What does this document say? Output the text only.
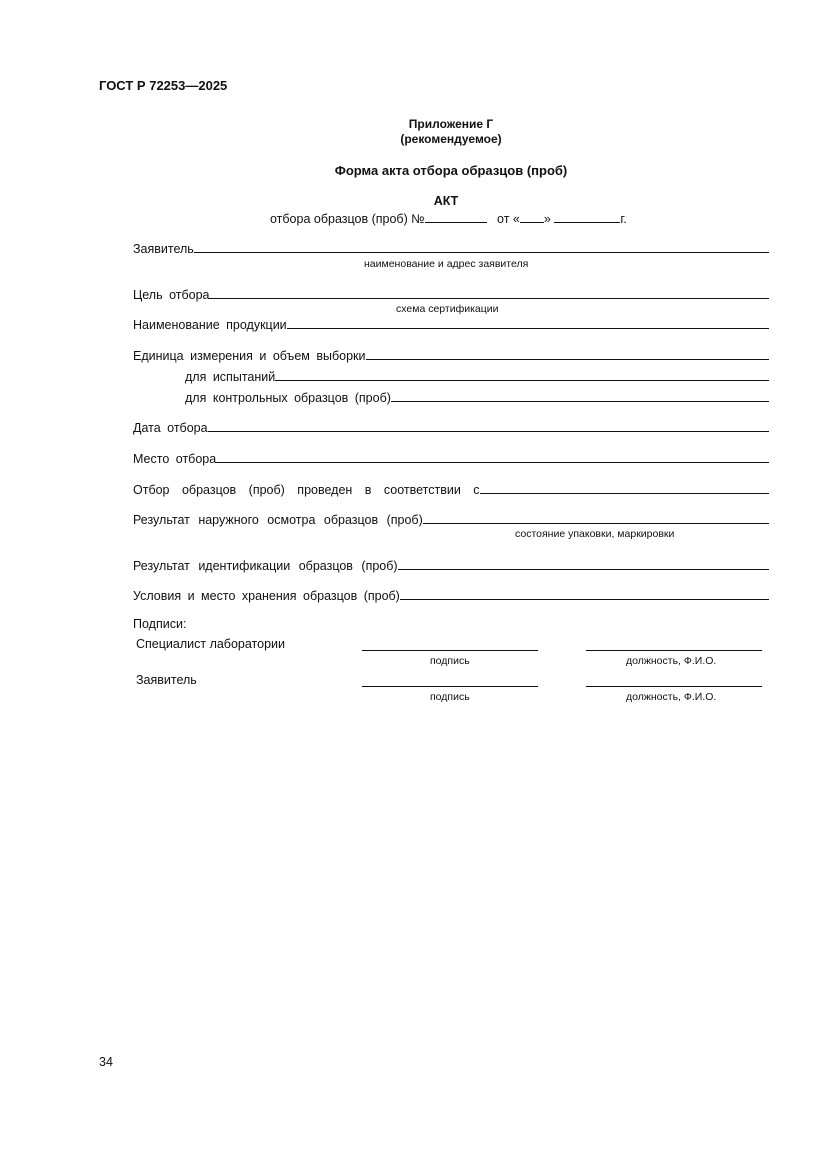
ГОСТ Р 72253—2025
Приложение Г
(рекомендуемое)
Форма акта отбора образцов (проб)
АКТ
отбора образцов (проб) №	от « »	г.
Заявитель
наименование и адрес заявителя
Цель отбора
схема сертификации
Наименование продукции
Единица измерения и объем выборки
для испытаний
для контрольных образцов (проб)
Дата отбора
Место отбора
Отбор образцов (проб) проведен в соответствии с
Результат наружного осмотра образцов (проб)
состояние упаковки, маркировки
Результат идентификации образцов (проб)
Условия и место хранения образцов (проб)
Подписи:
Специалист лаборатории
подпись	должность, Ф.И.О.
Заявитель
подпись	должность, Ф.И.О.
34
